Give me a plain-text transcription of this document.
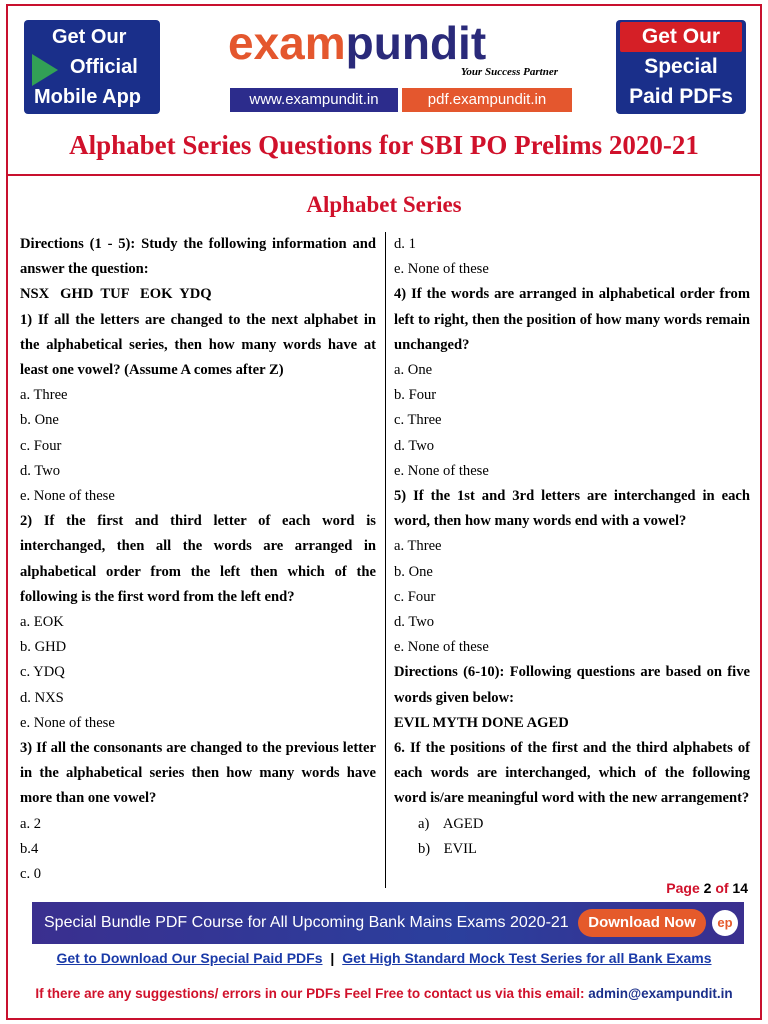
Get Our
Official
Mobile App
exampundit
Your Success Partner
www.exampundit.in	pdf.exampundit.in
Get Our
Special
Paid PDFs
Alphabet Series Questions for SBI PO Prelims 2020-21
Alphabet Series
Directions (1 - 5): Study the following information and
answer the question:
NSX   GHD  TUF   EOK  YDQ
1) If all the letters are changed to the next alphabet in the alphabetical series, then how many words have at least one vowel? (Assume A comes after Z)
a. Three
b. One
c. Four
d. Two
e. None of these
2) If the first and third letter of each word is interchanged, then all the words are arranged in alphabetical order from the left then which of the following is the first word from the left end?
a. EOK
b. GHD
c. YDQ
d. NXS
e. None of these
3) If all the consonants are changed to the previous letter in the alphabetical series then how many words have more than one vowel?
a. 2
b.4
c. 0
d. 1
e. None of these
4) If the words are arranged in alphabetical order from left to right, then the position of how many words remain unchanged?
a. One
b. Four
c. Three
d. Two
e. None of these
5) If the 1st and 3rd letters are interchanged in each word, then how many words end with a vowel?
a. Three
b. One
c. Four
d. Two
e. None of these
Directions (6-10): Following questions are based on five words given below:
EVIL MYTH DONE AGED
6. If the positions of the first and the third alphabets of each words are interchanged, which of the following word is/are meaningful word with the new arrangement?
a) AGED
b) EVIL
Page 2 of 14
Special Bundle PDF Course for All Upcoming Bank Mains Exams 2020-21	Download Now	ep
Get to Download Our Special Paid PDFs | Get High Standard Mock Test Series for all Bank Exams
If there are any suggestions/ errors in our PDFs Feel Free to contact us via this email: admin@exampundit.in
